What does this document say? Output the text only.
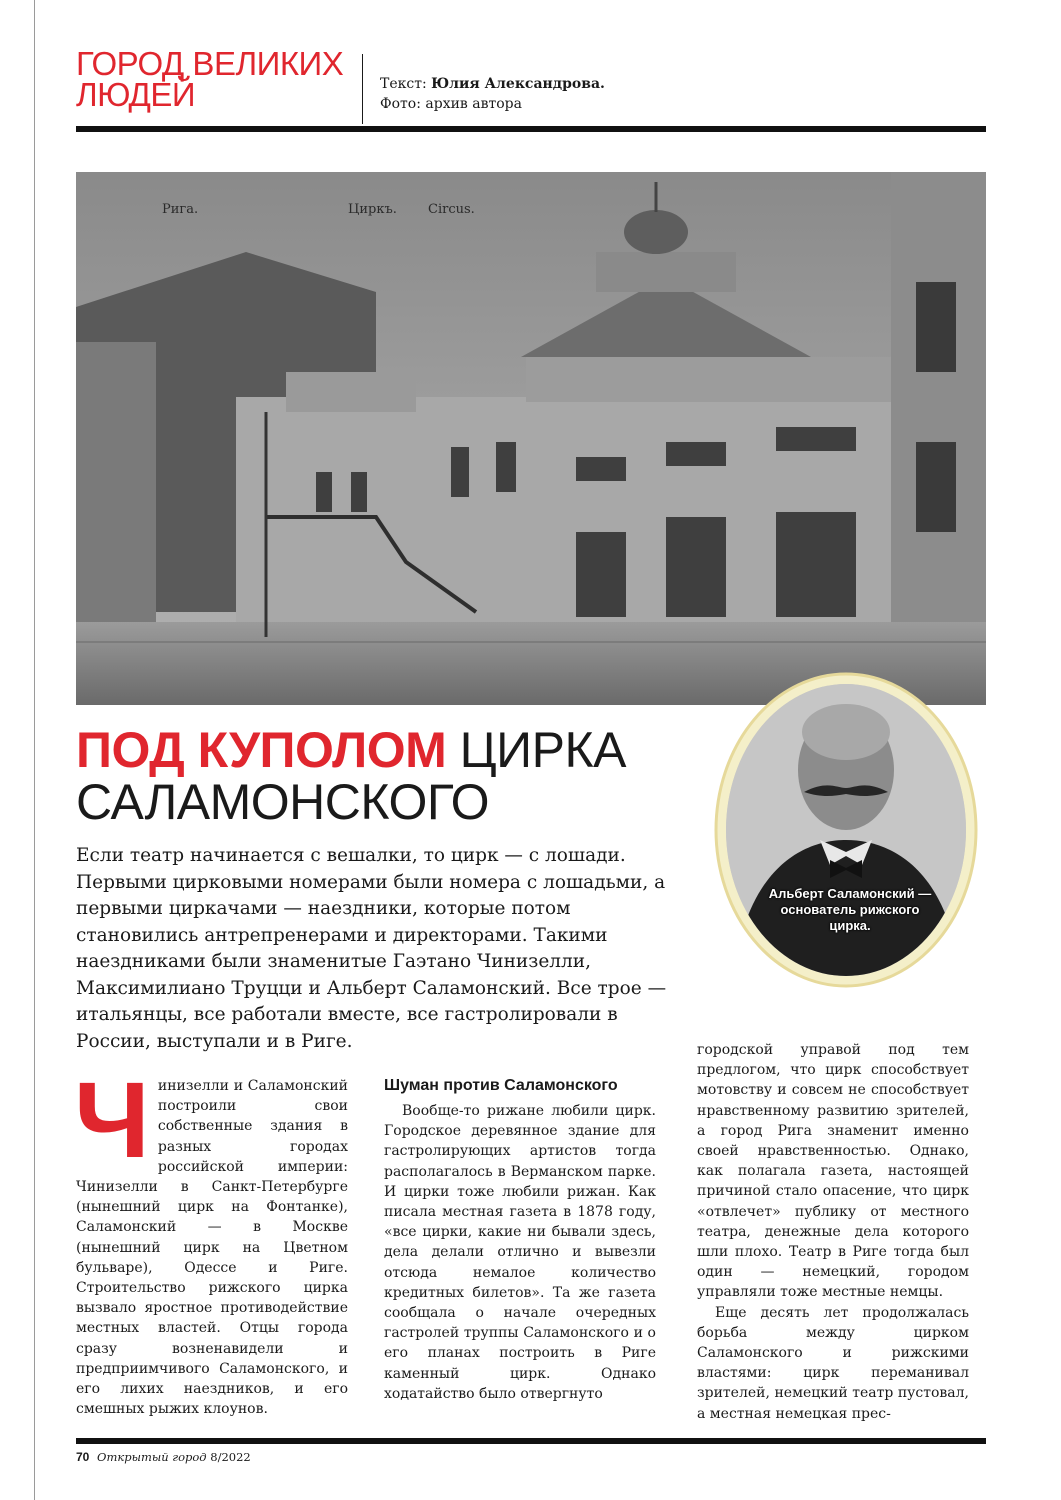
ГОРОД ВЕЛИКИХ
ЛЮДЕЙ	Текст: Юлия Александрова.
Фото: архив автора
Рига.	Циркъ. Circus.
ПОД КУПОЛОМ ЦИРКА
САЛАМОНСКОГО
Альберт Саламонский — основатель рижского цирка.
Если театр начинается с вешалки, то цирк — с лошади. Первыми цирковыми номерами были номера с лошадьми, а первыми циркачами — наездники, которые потом становились антрепренерами и директорами. Такими наездниками были знаменитые Гаэтано Чинизелли, Максимилиано Труцци и Альберт Саламонский. Все трое — итальянцы, все работали вместе, все гастролировали в России, выступали и в Риге.

Чинизелли и Саламонский построили свои собственные здания в разных городах российской империи: Чинизелли в Санкт-Петербурге (нынешний цирк на Фонтанке), Саламонский — в Москве (нынешний цирк на Цветном бульваре), Одессе и Риге. Строительство рижского цирка вызвало яростное противодействие местных властей. Отцы города сразу возненавидели и предприимчивого Саламонского, и его лихих наездников, и его смешных рыжих клоунов.

Шуман против Саламонского

Вообще-то рижане любили цирк. Городское деревянное здание для гастролирующих артистов тогда располагалось в Верманском парке. И цирки тоже любили рижан. Как писала местная газета в 1878 году, «все цирки, какие ни бывали здесь, дела делали отлично и вывезли отсюда немалое количество кредитных билетов». Та же газета сообщала о начале очередных гастролей труппы Саламонского и о его планах построить в Риге каменный цирк. Однако ходатайство было отвергнуто

городской управой под тем предлогом, что цирк способствует мотовству и совсем не способствует нравственному развитию зрителей, а город Рига знаменит именно своей нравственностью. Однако, как полагала газета, настоящей причиной стало опасение, что цирк «отвлечет» публику от местного театра, денежные дела которого шли плохо. Театр в Риге тогда был один — немецкий, городом управляли тоже местные немцы.

Еще десять лет продолжалась борьба между цирком Саламонского и рижскими властями: цирк переманивал зрителей, немецкий театр пустовал, а местная немецкая прес-

70 Открытый город 8/2022
